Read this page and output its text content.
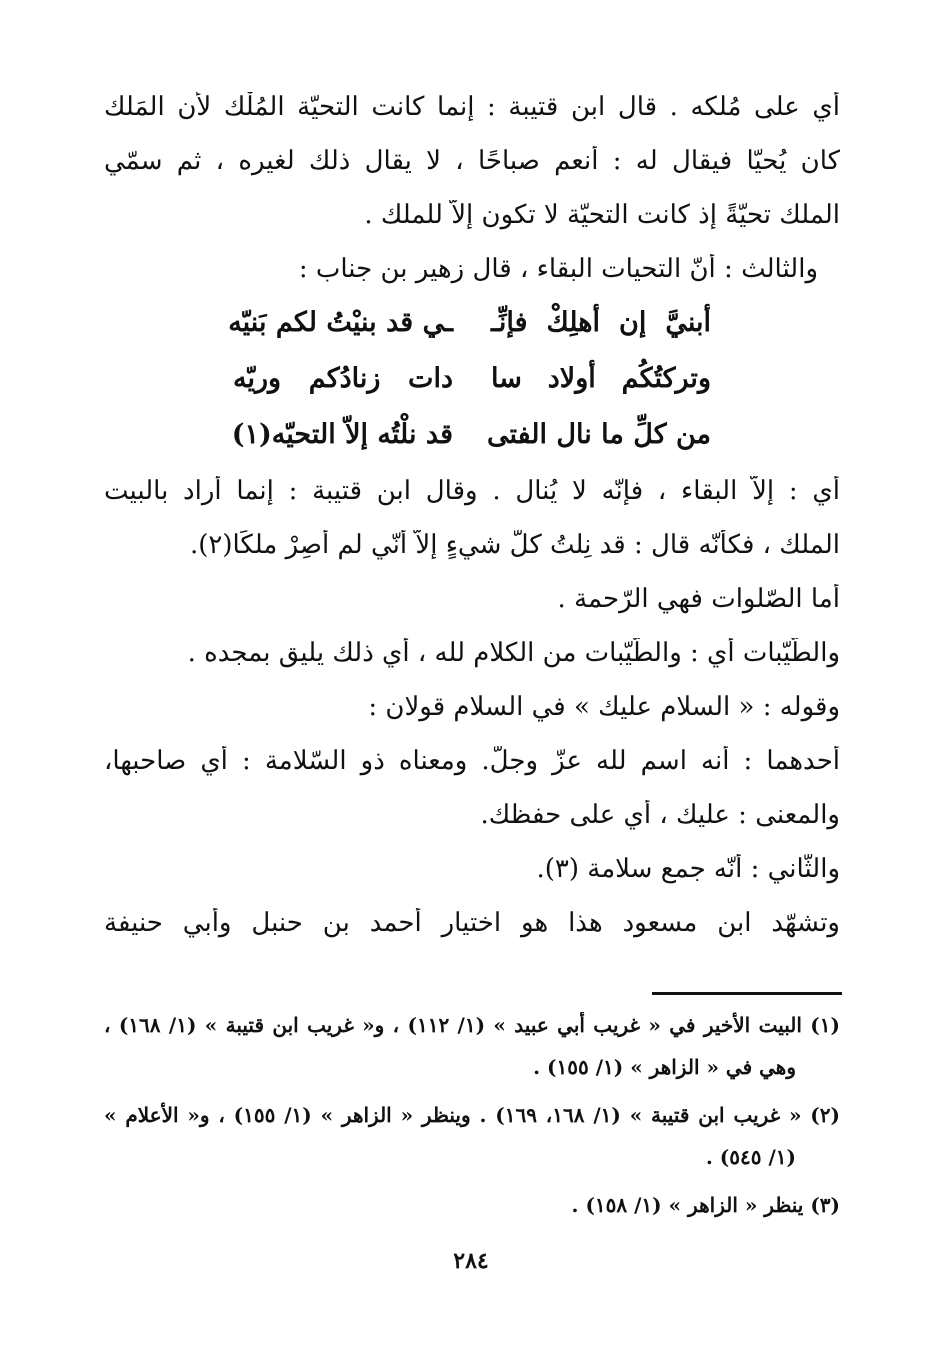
أي على مُلكه . قال ابن قتيبة : إنما كانت التحيّة المُلْك لأن المَلك
كان يُحيّا فيقال له : أنعم صباحًا ، لا يقال ذلك لغيره ، ثم سمّي
الملك تحيّةً إذ كانت التحيّة لا تكون إلاّ للملك .
والثالث : أنّ التحيات البقاء ، قال زهير بن جناب :
أبنيَّ إن أهلِكْ فإنِّـ
ـي قد بنيْتُ لكم بَنيّه
وتركتُكُم أولاد سا
دات زنادُكم وريّه
من كلِّ ما نال الفتى
قد نلْتُه إلاّ التحيّه(١)
أي : إلاّ البقاء ، فإنّه لا يُنال . وقال ابن قتيبة : إنما أراد بالبيت
الملك ، فكأنّه قال : قد نِلتُ كلَّ شيءٍ إلاّ أنّي لم أصِرْ ملكًا(٢).
أما الصّلوات فهي الرّحمة .
والطّيّبات أي : والطّيّبات من الكلام لله ، أي ذلك يليق بمجده .
وقوله : « السلام عليك » في السلام قولان :
أحدهما : أنه اسم لله عزّ وجلّ. ومعناه ذو السّلامة : أي صاحبها،
والمعنى : عليك ، أي على حفظك.
والثّاني : أنّه جمع سلامة (٣).
وتشهّد ابن مسعود هذا هو اختيار أحمد بن حنبل وأبي حنيفة
(١) البيت الأخير في « غريب أبي عبيد » (١/ ١١٢) ، و« غريب ابن قتيبة » (١/ ١٦٨) ،
وهي في « الزاهر » (١/ ١٥٥) .
(٢) « غريب ابن قتيبة » (١/ ١٦٨، ١٦٩) . وينظر « الزاهر » (١/ ١٥٥) ، و« الأعلام »
(١/ ٥٤٥) .
(٣) ينظر « الزاهر » (١/ ١٥٨) .
٢٨٤
